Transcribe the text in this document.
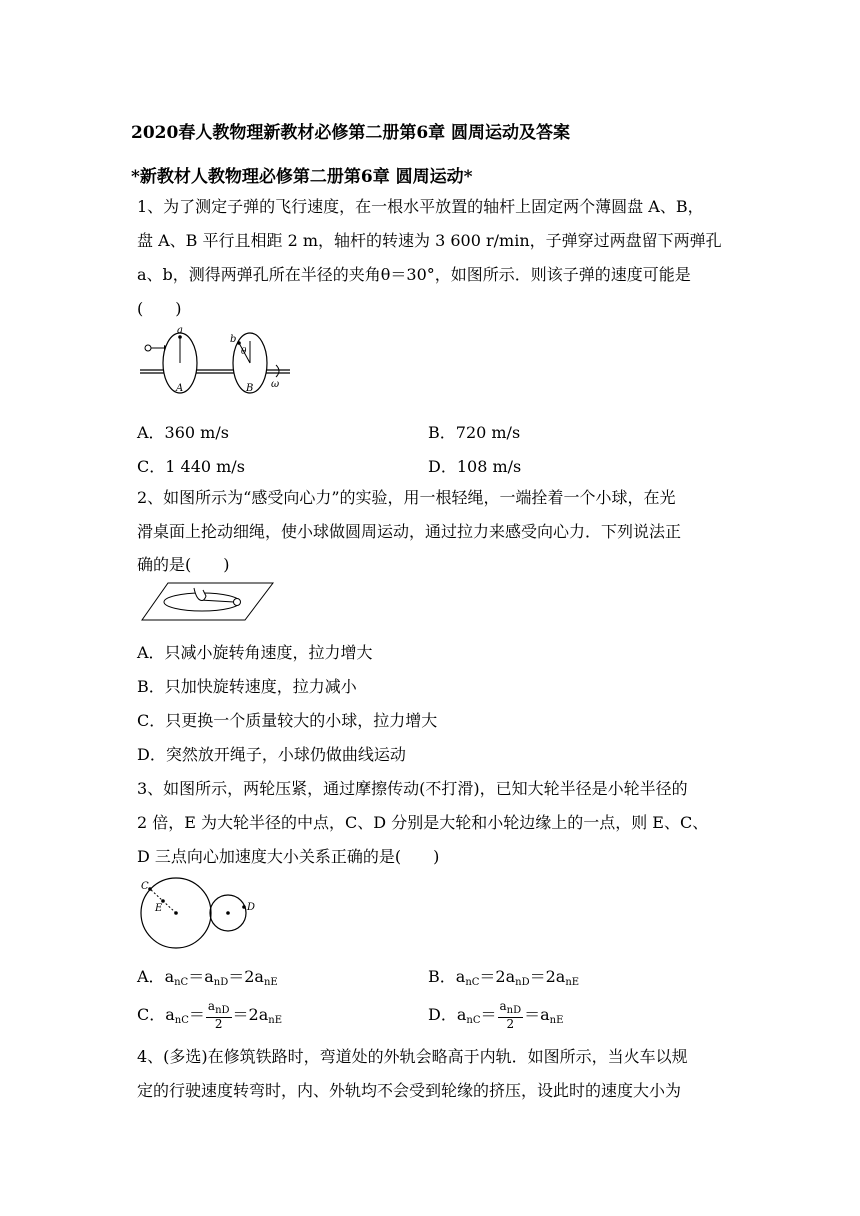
2020春人教物理新教材必修第二册第6章 圆周运动及答案
*新教材人教物理必修第二册第6章 圆周运动*
1、为了测定子弹的飞行速度，在一根水平放置的轴杆上固定两个薄圆盘 A、B，
盘 A、B 平行且相距 2 m，轴杆的转速为 3 600 r/min，子弹穿过两盘留下两弹孔
a、b，测得两弹孔所在半径的夹角θ＝30°，如图所示．则该子弹的速度可能是
(　　)
a
b
θ
A	B ω
A．360 m/s	B．720 m/s
C．1 440 m/s	D．108 m/s
2、如图所示为“感受向心力”的实验，用一根轻绳，一端拴着一个小球，在光
滑桌面上抡动细绳，使小球做圆周运动，通过拉力来感受向心力．下列说法正
确的是(　　)
A．只减小旋转角速度，拉力增大
B．只加快旋转速度，拉力减小
C．只更换一个质量较大的小球，拉力增大
D．突然放开绳子，小球仍做曲线运动
3、如图所示，两轮压紧，通过摩擦传动(不打滑)，已知大轮半径是小轮半径的
2 倍，E 为大轮半径的中点，C、D 分别是大轮和小轮边缘上的一点，则 E、C、
D 三点向心加速度大小关系正确的是(　　)
C
E	D
A．$a_{nC}=a_{nD}=2a_{nE}$	B．$a_{nC}=2a_{nD}=2a_{nE}$
C．$a_{nC}= \frac{a_{nD}}{2} =2a_{nE}$	D．$a_{nC}= \frac{a_{nD}}{2} =a_{nE}$
4、(多选)在修筑铁路时，弯道处的外轨会略高于内轨．如图所示，当火车以规
定的行驶速度转弯时，内、外轨均不会受到轮缘的挤压，设此时的速度大小为
